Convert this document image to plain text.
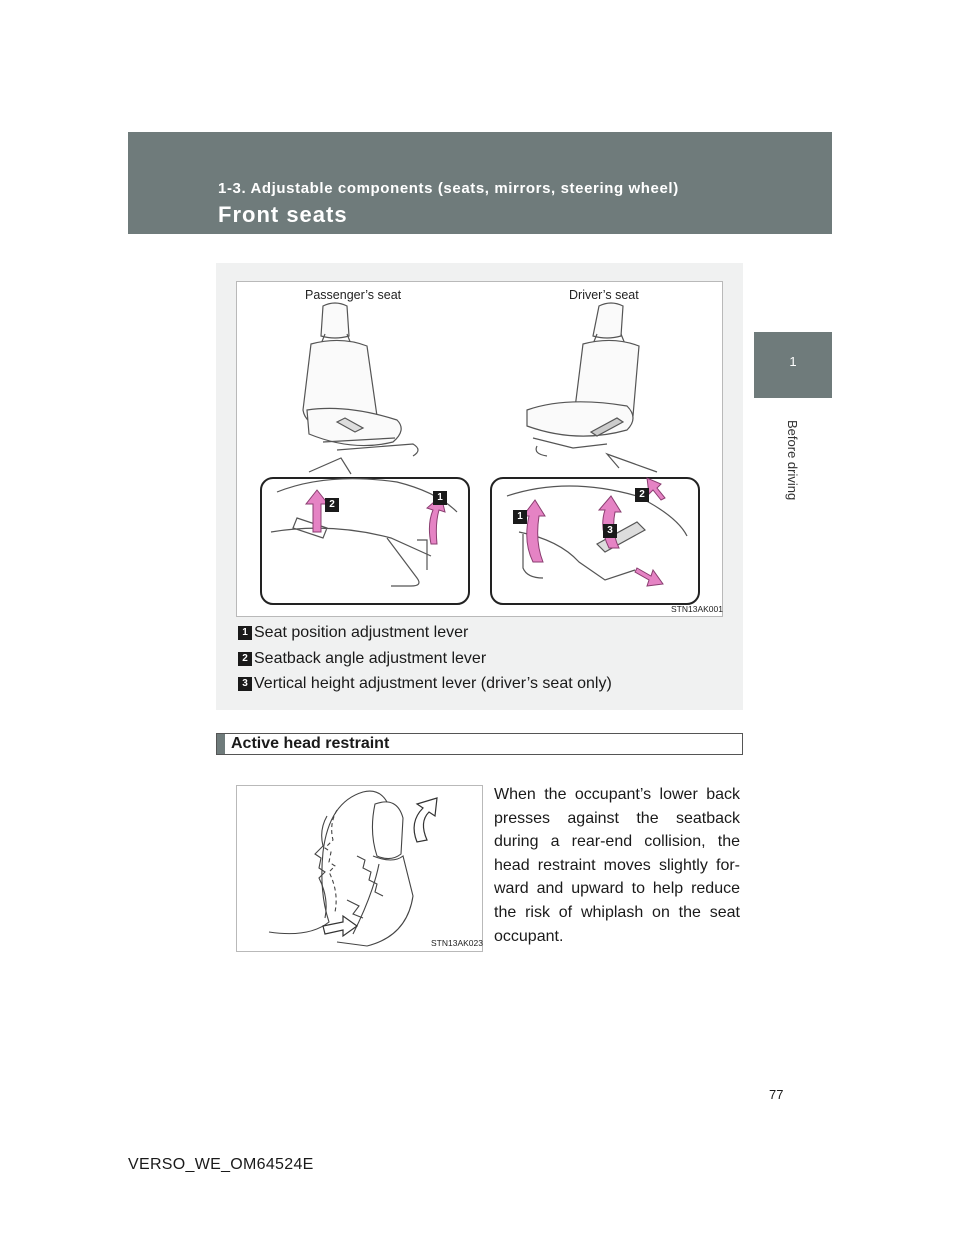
1-3. Adjustable components (seats, mirrors, steering wheel)
Front seats
1
Before driving
Passenger’s seat	Driver’s seat
2
1
1
3
2
STN13AK001
1 Seat position adjustment lever
2 Seatback angle adjustment lever
3 Vertical height adjustment lever (driver’s seat only)
Active head restraint
STN13AK023
When the occupant’s lower back presses against the seatback during a rear-end collision, the head restraint moves slightly forward and upward to help reduce the risk of whiplash on the seat occupant.
77
VERSO_WE_OM64524E
